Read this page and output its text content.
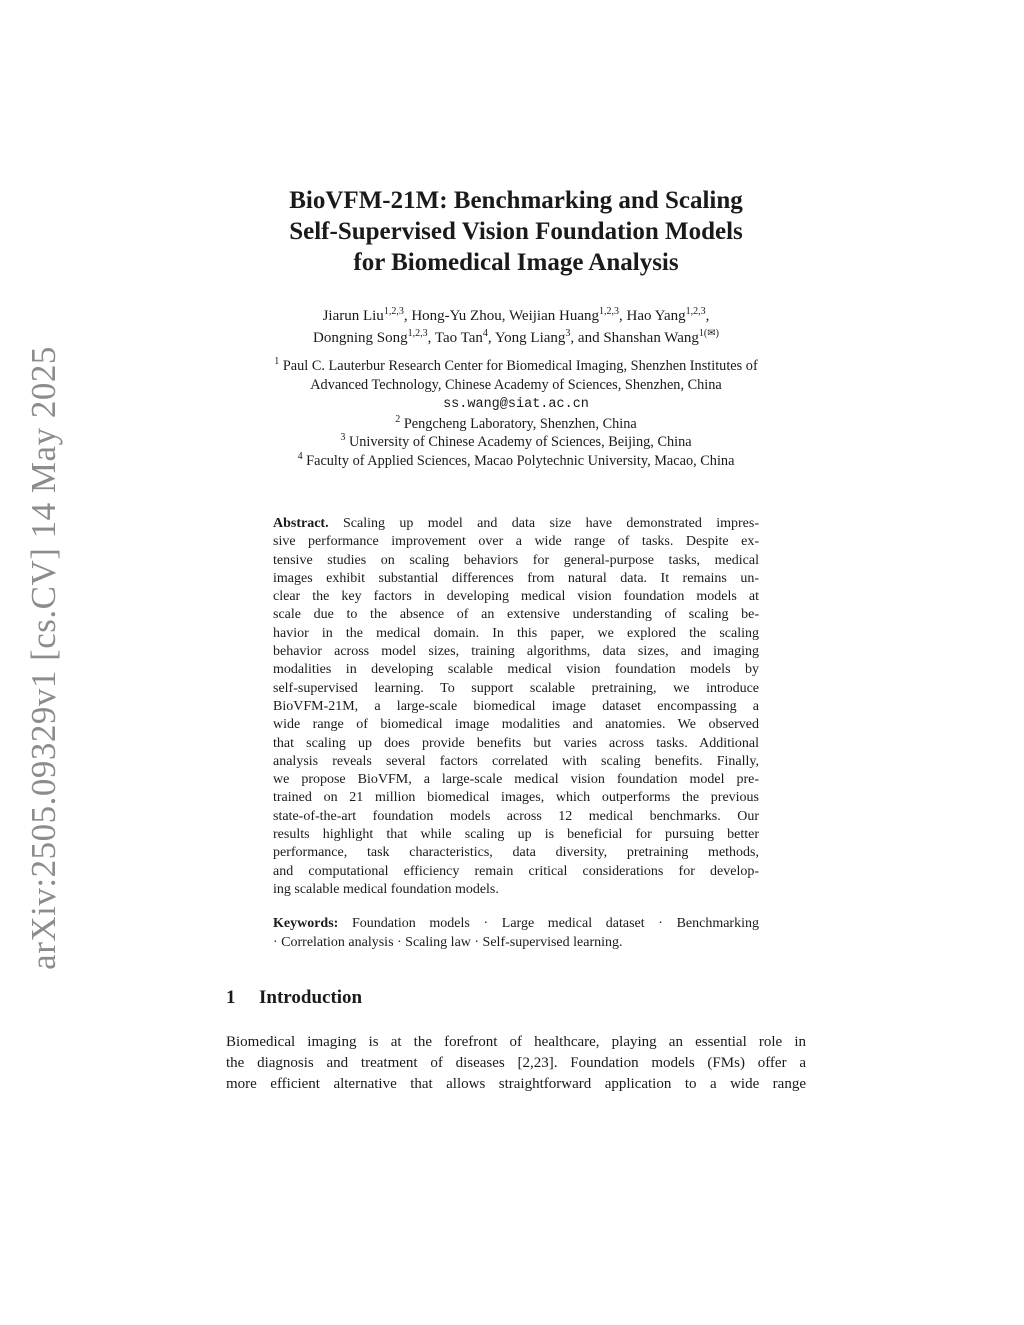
arXiv:2505.09329v1 [cs.CV] 14 May 2025
BioVFM-21M: Benchmarking and Scaling
Self-Supervised Vision Foundation Models
for Biomedical Image Analysis
Jiarun Liu$^{1,2,3}$, Hong-Yu Zhou, Weijian Huang$^{1,2,3}$, Hao Yang$^{1,2,3}$,
Dongning Song$^{1,2,3}$, Tao Tan$^4$, Yong Liang$^3$, and Shanshan Wang$^{1(✉)}$
$^1$ Paul C. Lauterbur Research Center for Biomedical Imaging, Shenzhen Institutes of
Advanced Technology, Chinese Academy of Sciences, Shenzhen, China
ss.wang@siat.ac.cn
$^2$ Pengcheng Laboratory, Shenzhen, China
$^3$ University of Chinese Academy of Sciences, Beijing, China
$^4$ Faculty of Applied Sciences, Macao Polytechnic University, Macao, China
Abstract. Scaling up model and data size have demonstrated impres-
sive performance improvement over a wide range of tasks. Despite ex-
tensive studies on scaling behaviors for general-purpose tasks, medical
images exhibit substantial differences from natural data. It remains un-
clear the key factors in developing medical vision foundation models at
scale due to the absence of an extensive understanding of scaling be-
havior in the medical domain. In this paper, we explored the scaling
behavior across model sizes, training algorithms, data sizes, and imaging
modalities in developing scalable medical vision foundation models by
self-supervised learning. To support scalable pretraining, we introduce
BioVFM-21M, a large-scale biomedical image dataset encompassing a
wide range of biomedical image modalities and anatomies. We observed
that scaling up does provide benefits but varies across tasks. Additional
analysis reveals several factors correlated with scaling benefits. Finally,
we propose BioVFM, a large-scale medical vision foundation model pre-
trained on 21 million biomedical images, which outperforms the previous
state-of-the-art foundation models across 12 medical benchmarks. Our
results highlight that while scaling up is beneficial for pursuing better
performance, task characteristics, data diversity, pretraining methods,
and computational efficiency remain critical considerations for develop-
ing scalable medical foundation models.
Keywords: Foundation models · Large medical dataset · Benchmarking
· Correlation analysis · Scaling law · Self-supervised learning.
1 Introduction
Biomedical imaging is at the forefront of healthcare, playing an essential role in
the diagnosis and treatment of diseases [2,23]. Foundation models (FMs) offer a
more efficient alternative that allows straightforward application to a wide range
